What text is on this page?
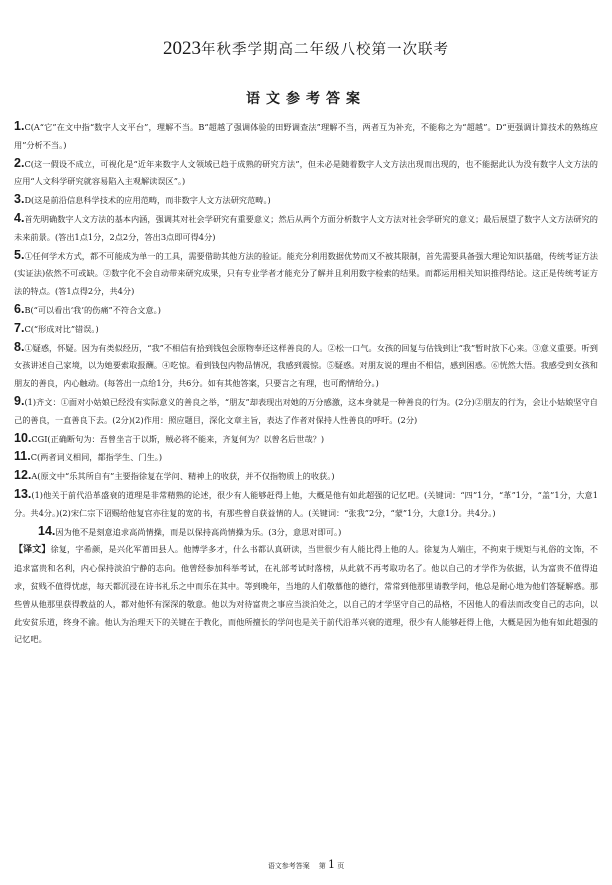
2023年秋季学期高二年级八校第一次联考
语文参考答案

1.C(A“它”在文中指“数字人文平台”，理解不当。B“超越了强调体验的田野调查法”理解不当，两者互为补充，不能称之为“超越”。D“更强调计算技术的熟练应用”分析不当。)

2.C(这一假设不成立，可视化是“近年来数字人文领域已趋于成熟的研究方法”，但未必是随着数字人文方法出现而出现的，也不能据此认为没有数字人文方法的应用“人文科学研究就容易陷入主观解读误区”。)

3.D(这是前沿信息科学技术的应用范畴，而非数字人文方法研究范畴。)

4.首先明确数字人文方法的基本内涵，强调其对社会学研究有重要意义；然后从两个方面分析数字人文方法对社会学研究的意义；最后展望了数字人文方法研究的未来前景。(答出1点1分，2点2分，答出3点即可得4分)

5.①任何学术方式，都不可能成为单一的工具，需要借助其他方法的验证。能充分利用数据优势而又不被其限制，首先需要具备强大理论知识基础，传统考证方法(实证法)依然不可或缺。②数字化不会自动带来研究成果，只有专业学者才能充分了解并且利用数字检索的结果。而都运用相关知识推得结论。这正是传统考证方法的特点。(答1点得2分，共4分)

6.B(“可以看出‘我’的伤痛”不符合文意。)

7.C(“形成对比”错误。)

8.①疑惑，怀疑。因为有类似经历，“我”不相信有拾到钱包会原物奉还这样善良的人。②松一口气。女孩的回复与估钱到让“我”暂时放下心来。③意义重要。听到女孩讲述自己家境，以为她要索取报酬。④吃惊。看到钱包内物品情况，我感到震惊。⑤疑惑。对朋友说的理由不相信，感到困惑。⑥恍然大悟。我感受到女孩和朋友的善良，内心触动。(每答出一点给1分，共6分。如有其他答案，只要言之有理，也可酌情给分。)

9.(1)齐文：①面对小姑娘已经没有实际意义的善良之举，“朋友”却表现出对她的万分感激，这本身就是一种善良的行为。(2分)②朋友的行为，会让小姑娘坚守自己的善良，一直善良下去。(2分)(2)作用：照应题目，深化文章主旨，表达了作者对保持人性善良的呼吁。(2分)

10.CGI(正确断句为：吾曾坐言于以斯，贼必将不能来，齐复何为？以曾名后世哉？)

11.C(两者词义相同，都指学生、门生。)

12.A(原文中“乐其所自有”主要指徐复在学问、精神上的收获，并不仅指物质上的收获。)

13.(1)他关于前代沿革盛衰的道理是非常精熟的论述，很少有人能够赶得上他，大概是他有如此超强的记忆吧。(关键词：“四”1分，“革”1分，“盖”1分，大意1分。共4分。)(2)宋仁宗下诏赐给他复官亦往复的宽的书，有那些曾自获益情的人。(关键词：“张我”2分，“蒙”1分，大意1分。共4分。)

14.因为他不是刻意追求高尚情操，而是以保持高尚情操为乐。(3分，意思对即可。)

【译文】徐复，字希颜，是兴化军莆田县人。他博学多才，什么书都认真研读，当世很少有人能比得上他的人。徐复为人端庄，不拘束于规矩与礼俗的文饰，不追求富贵和名利，内心保持淡泊宁静的志向。他曾经参加科举考试，在礼部考试时落榜，从此就不再考取功名了。他以自己的才学作为依据，认为富贵不值得追求，贫贱不值得忧虑，每天都沉浸在诗书礼乐之中而乐在其中。等到晚年，当地的人们敬慕他的德行，常常到他那里请教学问，他总是耐心地为他们答疑解惑。那些曾从他那里获得教益的人，都对他怀有深深的敬意。他以为对待富贵之事应当淡泊处之，以自己的才学坚守自己的品格，不因他人的看法而改变自己的志向，以此安贫乐道，终身不渝。他认为治理天下的关键在于教化，而他所擅长的学问也是关于前代沿革兴衰的道理，很少有人能够赶得上他，大概是因为他有如此超强的记忆吧。

语文参考答案 第 1 页
